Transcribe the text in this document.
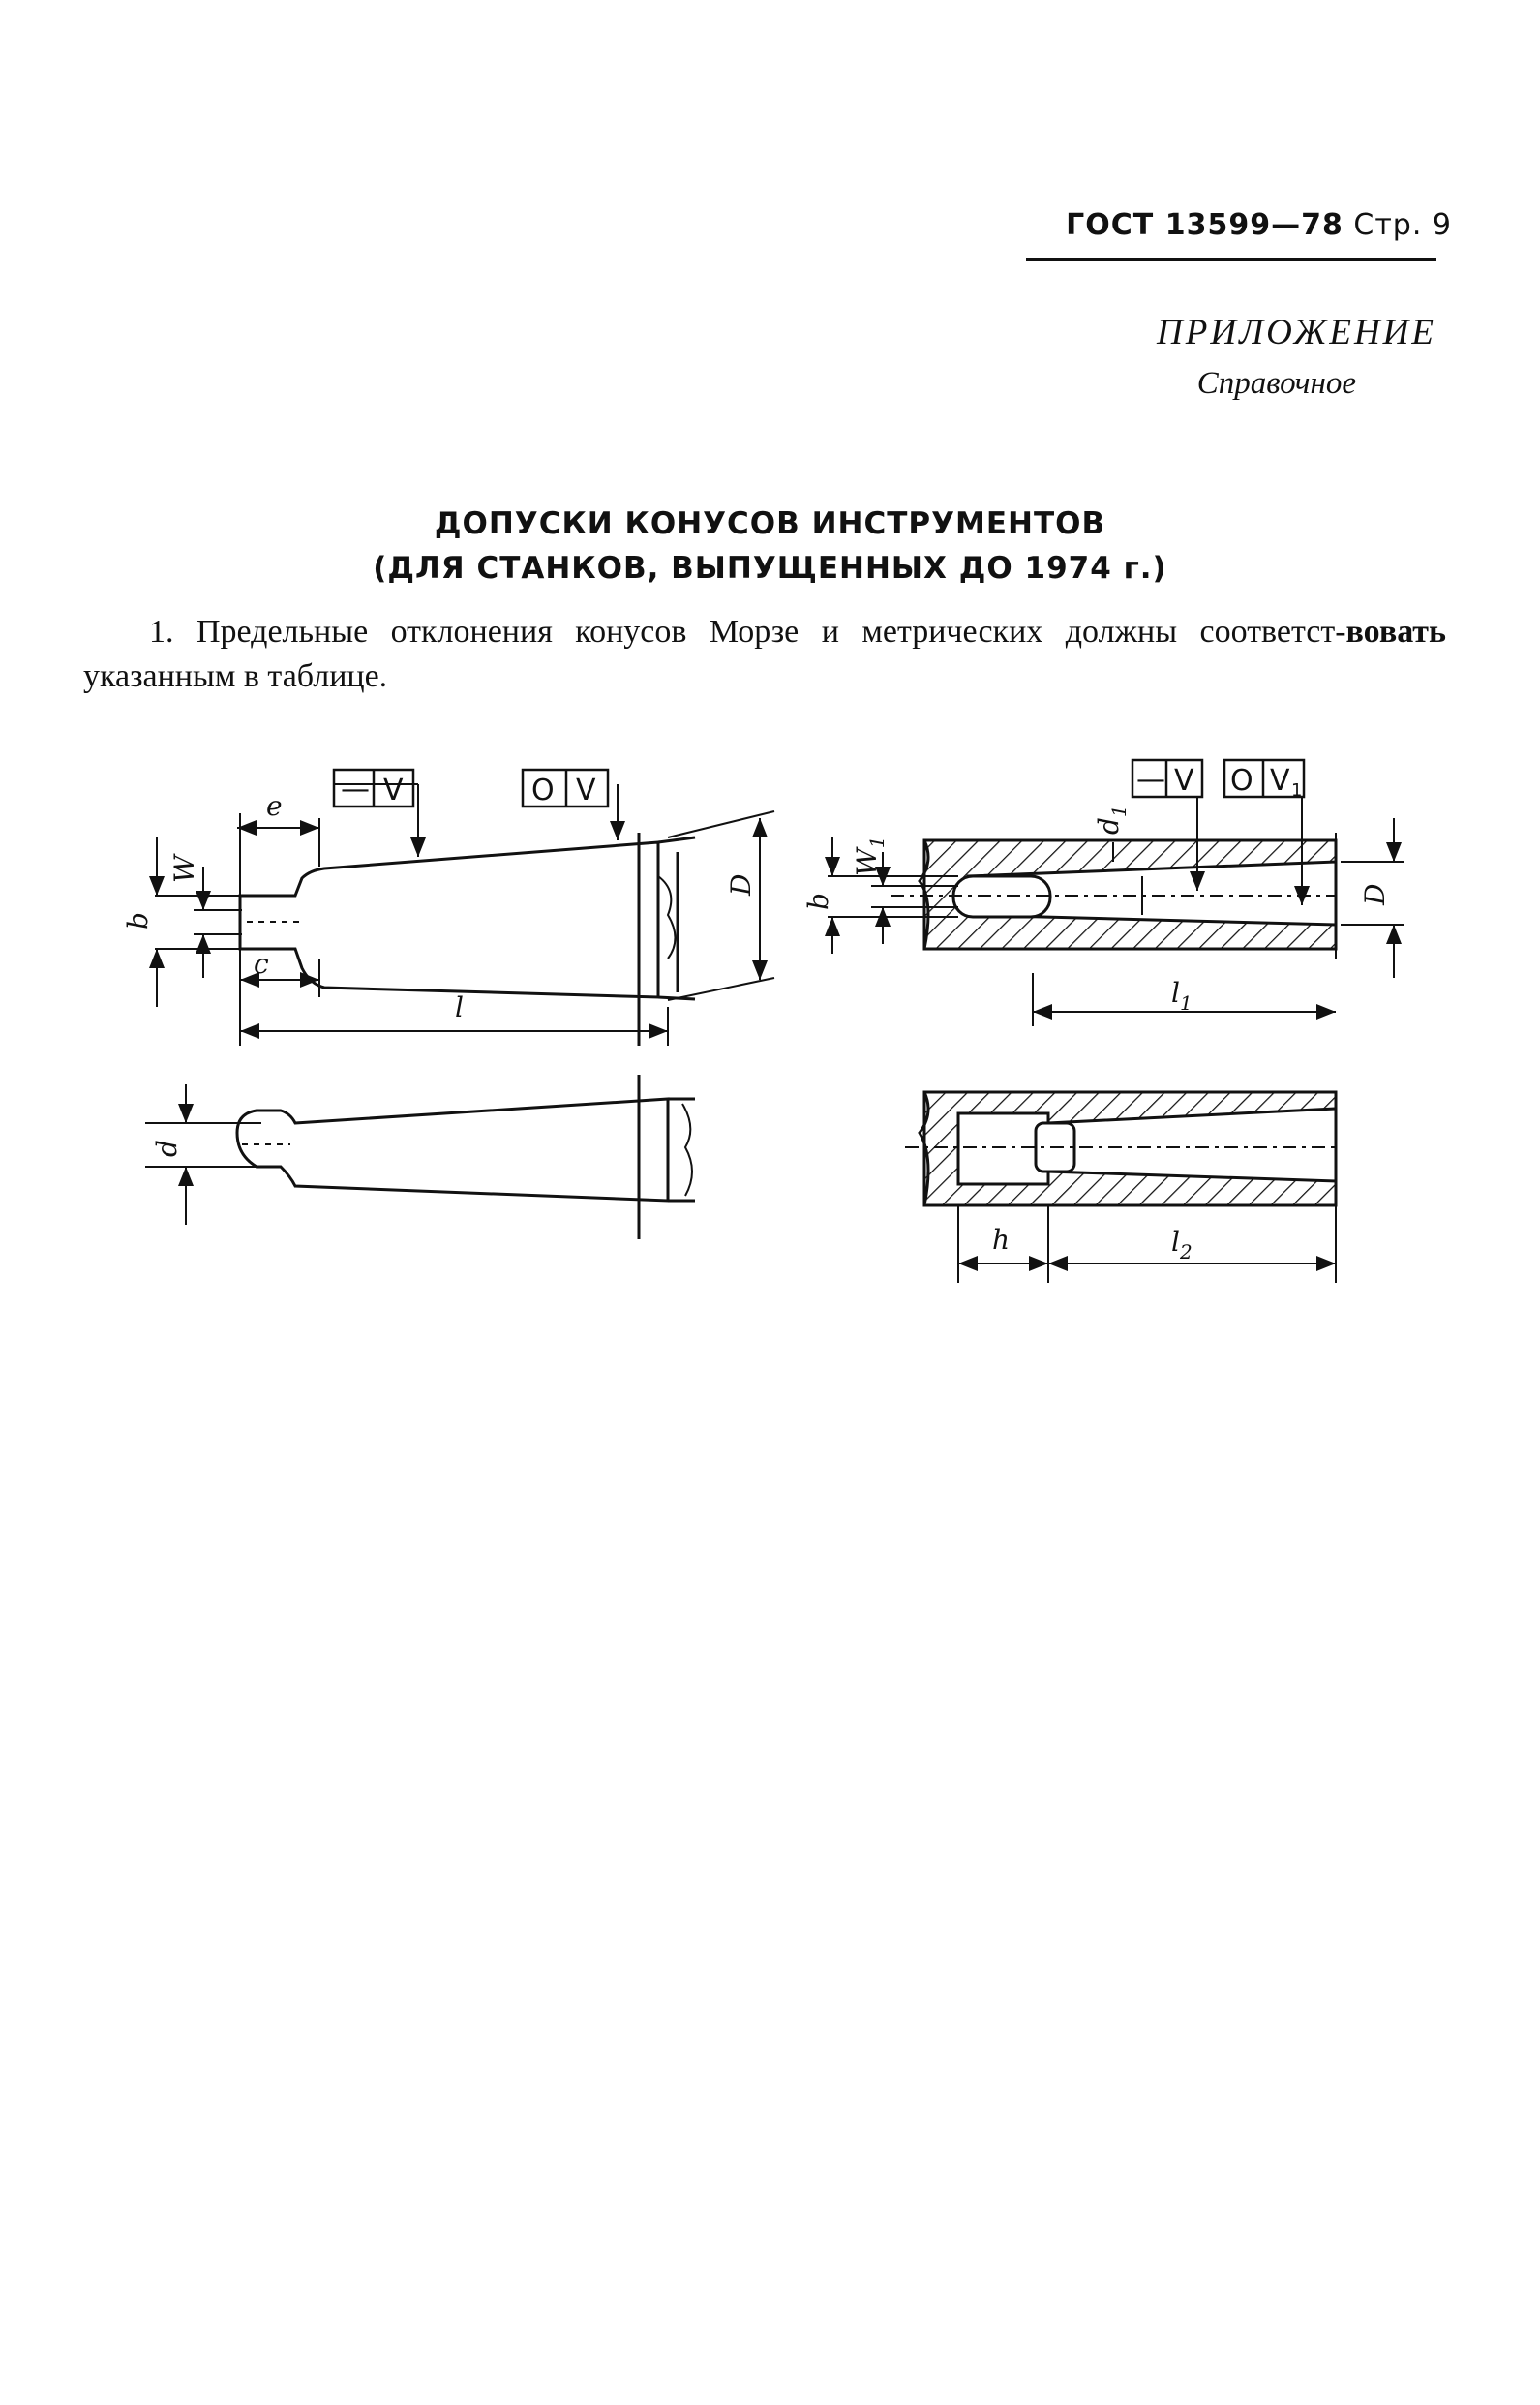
ГОСТ 13599—78 Стр. 9
ПРИЛОЖЕНИЕ
Справочное
ДОПУСКИ КОНУСОВ ИНСТРУМЕНТОВ
(ДЛЯ СТАНКОВ, ВЫПУЩЕННЫХ ДО 1974 г.)
1. Предельные отклонения конусов Морзе и метрических должны соответст-вовать указанным в таблице.
— V	O V
e
c
l
W
b
D
d
— V O V 1
$l_1$
$d_1$
$W_1$
b	D
h	$l_2$
